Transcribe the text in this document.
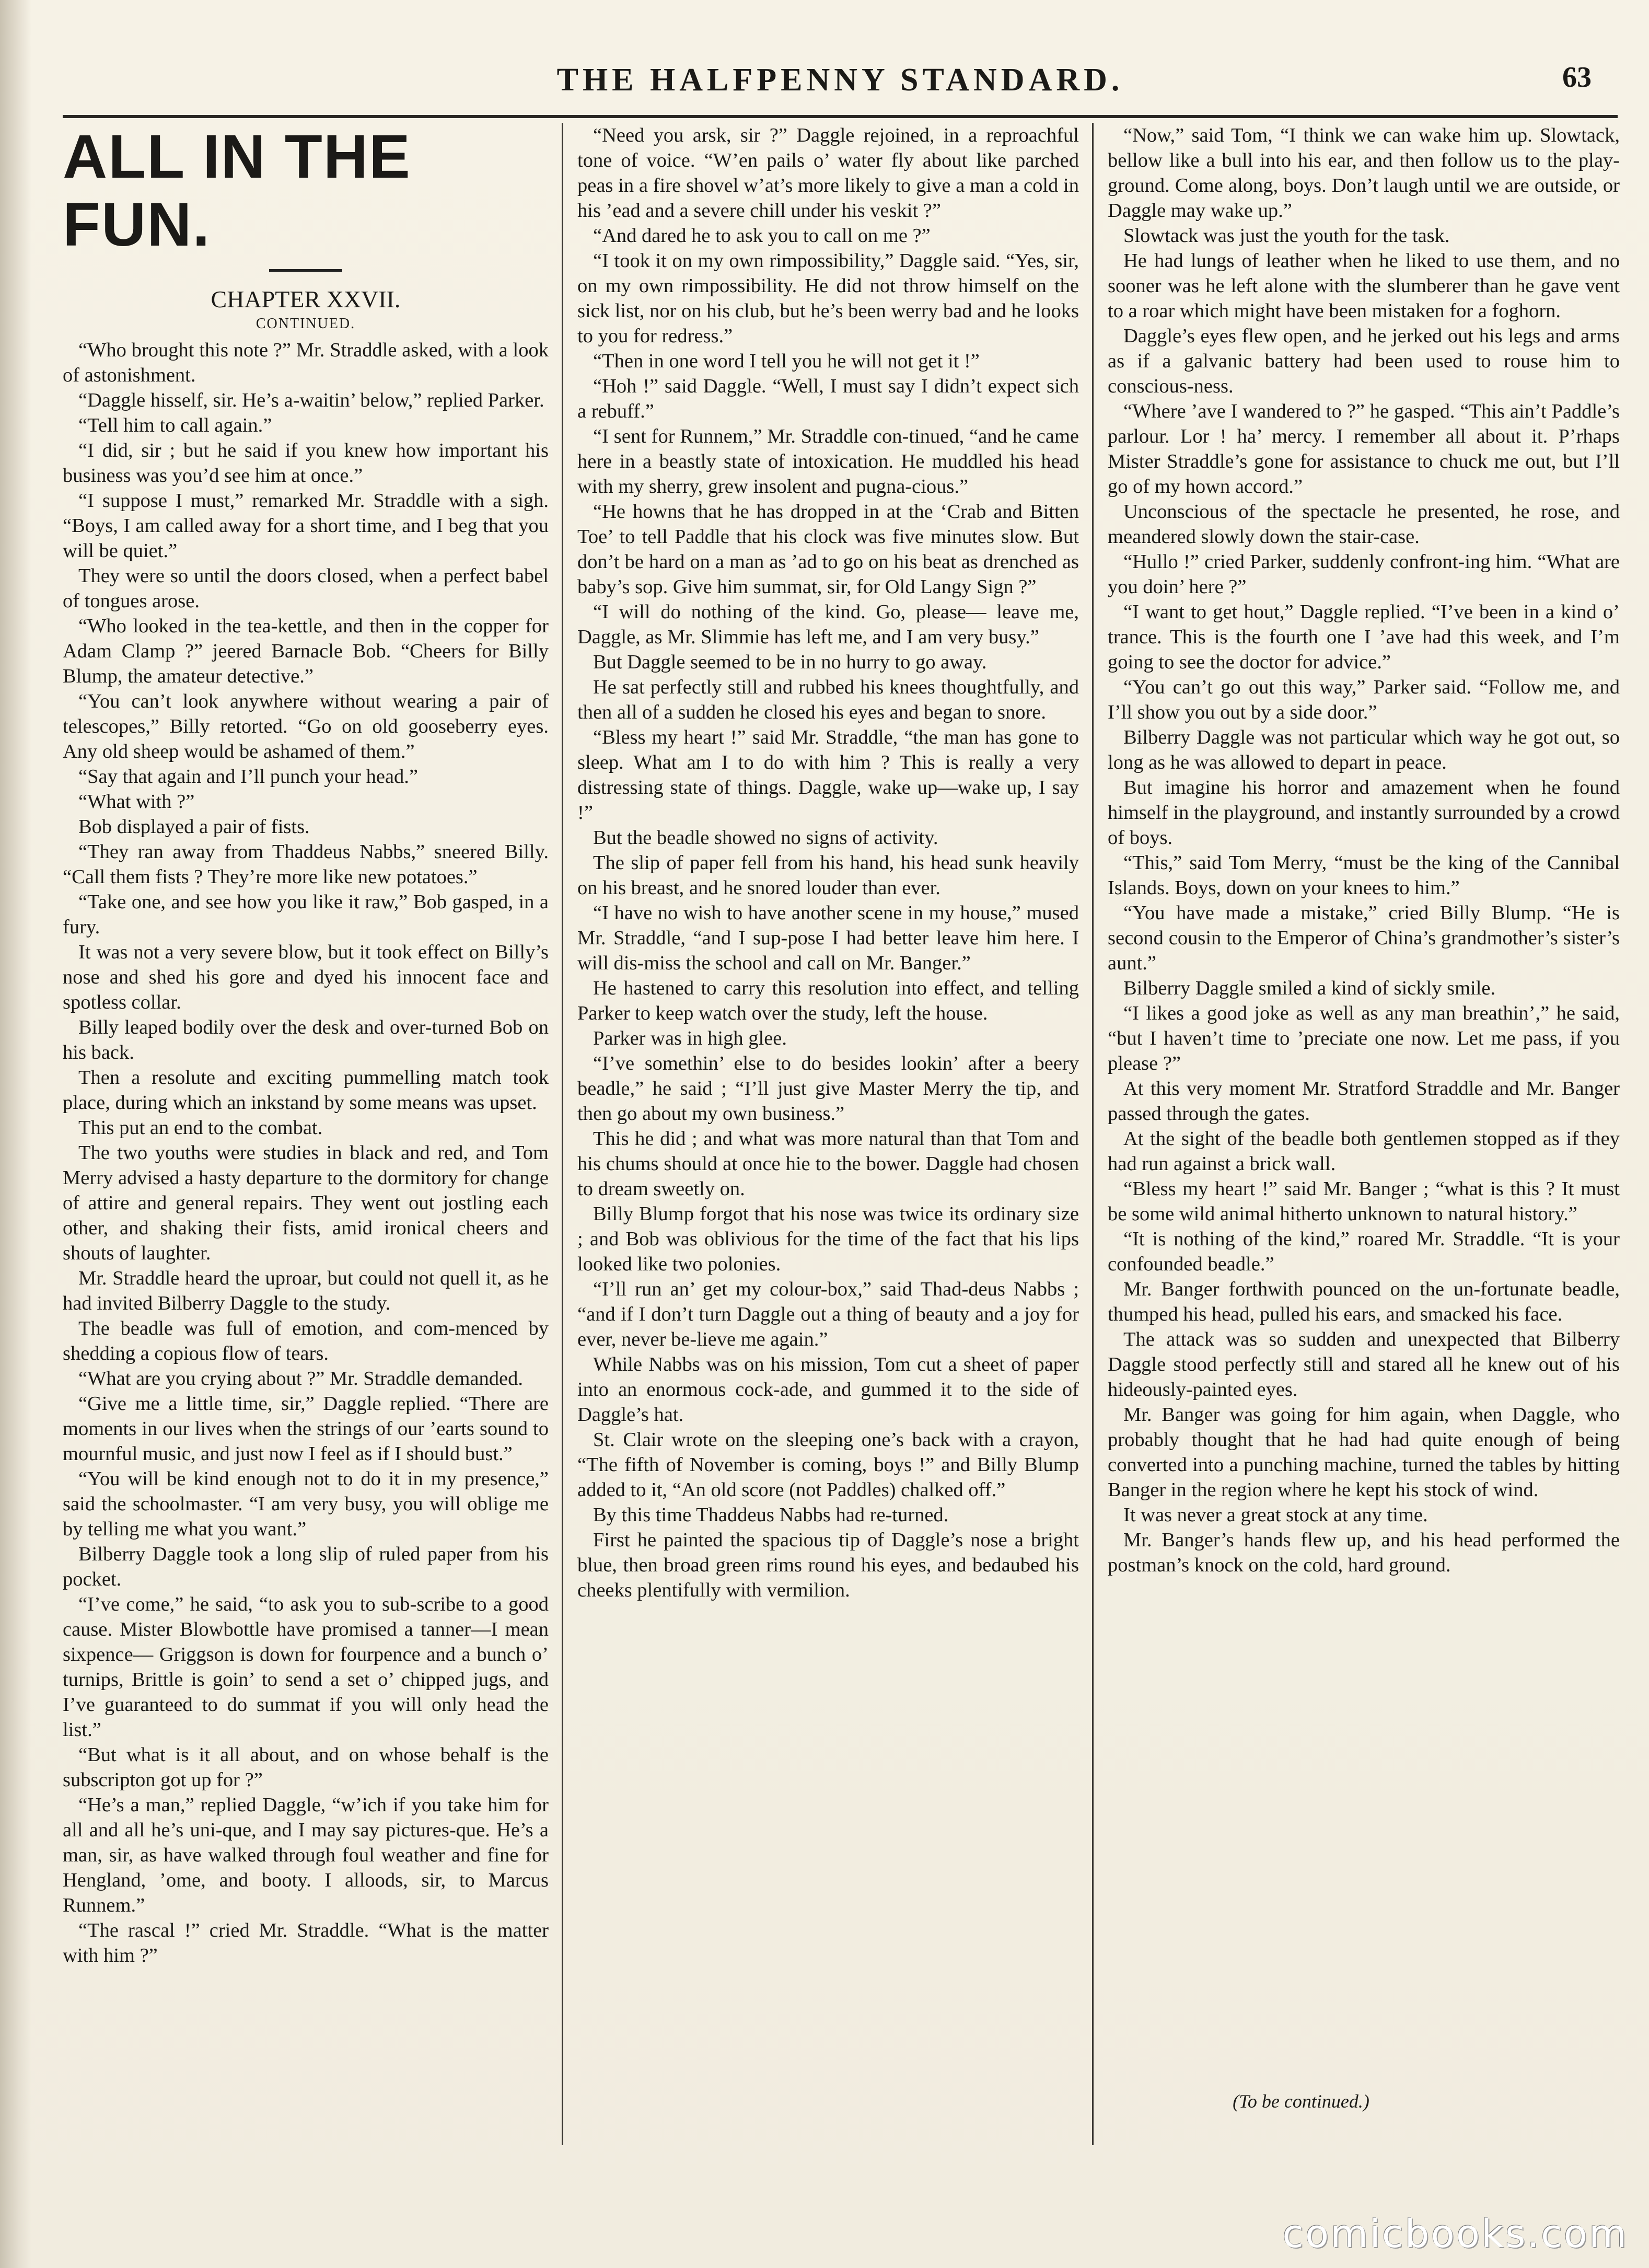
THE HALFPENNY STANDARD.	63
ALL IN THE FUN.

CHAPTER XXVII.

CONTINUED.

“Who brought this note ?” Mr. Straddle asked, with a look of astonishment.

“Daggle hisself, sir. He’s a-waitin’ below,” replied Parker.

“Tell him to call again.”

“I did, sir ; but he said if you knew how important his business was you’d see him at once.”

“I suppose I must,” remarked Mr. Straddle with a sigh. “Boys, I am called away for a short time, and I beg that you will be quiet.”

They were so until the doors closed, when a perfect babel of tongues arose.

“Who looked in the tea-kettle, and then in the copper for Adam Clamp ?” jeered Barnacle Bob. “Cheers for Billy Blump, the amateur detective.”

“You can’t look anywhere without wearing a pair of telescopes,” Billy retorted. “Go on old gooseberry eyes. Any old sheep would be ashamed of them.”

“Say that again and I’ll punch your head.”

“What with ?”

Bob displayed a pair of fists.

“They ran away from Thaddeus Nabbs,” sneered Billy. “Call them fists ? They’re more like new potatoes.”

“Take one, and see how you like it raw,” Bob gasped, in a fury.

It was not a very severe blow, but it took effect on Billy’s nose and shed his gore and dyed his innocent face and spotless collar.

Billy leaped bodily over the desk and over-turned Bob on his back.

Then a resolute and exciting pummelling match took place, during which an inkstand by some means was upset.

This put an end to the combat.

The two youths were studies in black and red, and Tom Merry advised a hasty departure to the dormitory for change of attire and general repairs. They went out jostling each other, and shaking their fists, amid ironical cheers and shouts of laughter.

Mr. Straddle heard the uproar, but could not quell it, as he had invited Bilberry Daggle to the study.

The beadle was full of emotion, and com-menced by shedding a copious flow of tears.

“What are you crying about ?” Mr. Straddle demanded.

“Give me a little time, sir,” Daggle replied. “There are moments in our lives when the strings of our ’earts sound to mournful music, and just now I feel as if I should bust.”

“You will be kind enough not to do it in my presence,” said the schoolmaster. “I am very busy, you will oblige me by telling me what you want.”

Bilberry Daggle took a long slip of ruled paper from his pocket.

“I’ve come,” he said, “to ask you to sub-scribe to a good cause. Mister Blowbottle have promised a tanner—I mean sixpence— Griggson is down for fourpence and a bunch o’ turnips, Brittle is goin’ to send a set o’ chipped jugs, and I’ve guaranteed to do summat if you will only head the list.”

“But what is it all about, and on whose behalf is the subscripton got up for ?”

“He’s a man,” replied Daggle, “w’ich if you take him for all and all he’s uni-que, and I may say pictures-que. He’s a man, sir, as have walked through foul weather and fine for Hengland, ’ome, and booty. I alloods, sir, to Marcus Runnem.”

“The rascal !” cried Mr. Straddle. “What is the matter with him ?”

“Need you arsk, sir ?” Daggle rejoined, in a reproachful tone of voice. “W’en pails o’ water fly about like parched peas in a fire shovel w’at’s more likely to give a man a cold in his ’ead and a severe chill under his veskit ?”

“And dared he to ask you to call on me ?”

“I took it on my own rimpossibility,” Daggle said. “Yes, sir, on my own rimpossibility. He did not throw himself on the sick list, nor on his club, but he’s been werry bad and he looks to you for redress.”

“Then in one word I tell you he will not get it !”

“Hoh !” said Daggle. “Well, I must say I didn’t expect sich a rebuff.”

“I sent for Runnem,” Mr. Straddle con-tinued, “and he came here in a beastly state of intoxication. He muddled his head with my sherry, grew insolent and pugna-cious.”

“He howns that he has dropped in at the ‘Crab and Bitten Toe’ to tell Paddle that his clock was five minutes slow. But don’t be hard on a man as ’ad to go on his beat as drenched as baby’s sop. Give him summat, sir, for Old Langy Sign ?”

“I will do nothing of the kind. Go, please— leave me, Daggle, as Mr. Slimmie has left me, and I am very busy.”

But Daggle seemed to be in no hurry to go away.

He sat perfectly still and rubbed his knees thoughtfully, and then all of a sudden he closed his eyes and began to snore.

“Bless my heart !” said Mr. Straddle, “the man has gone to sleep. What am I to do with him ? This is really a very distressing state of things. Daggle, wake up—wake up, I say !”

But the beadle showed no signs of activity.

The slip of paper fell from his hand, his head sunk heavily on his breast, and he snored louder than ever.

“I have no wish to have another scene in my house,” mused Mr. Straddle, “and I sup-pose I had better leave him here. I will dis-miss the school and call on Mr. Banger.”

He hastened to carry this resolution into effect, and telling Parker to keep watch over the study, left the house.

Parker was in high glee.

“I’ve somethin’ else to do besides lookin’ after a beery beadle,” he said ; “I’ll just give Master Merry the tip, and then go about my own business.”

This he did ; and what was more natural than that Tom and his chums should at once hie to the bower. Daggle had chosen to dream sweetly on.

Billy Blump forgot that his nose was twice its ordinary size ; and Bob was oblivious for the time of the fact that his lips looked like two polonies.

“I’ll run an’ get my colour-box,” said Thad-deus Nabbs ; “and if I don’t turn Daggle out a thing of beauty and a joy for ever, never be-lieve me again.”

While Nabbs was on his mission, Tom cut a sheet of paper into an enormous cock-ade, and gummed it to the side of Daggle’s hat.

St. Clair wrote on the sleeping one’s back with a crayon, “The fifth of November is coming, boys !” and Billy Blump added to it, “An old score (not Paddles) chalked off.”

By this time Thaddeus Nabbs had re-turned.

First he painted the spacious tip of Daggle’s nose a bright blue, then broad green rims round his eyes, and bedaubed his cheeks plentifully with vermilion.

“Now,” said Tom, “I think we can wake him up. Slowtack, bellow like a bull into his ear, and then follow us to the play-ground. Come along, boys. Don’t laugh until we are outside, or Daggle may wake up.”

Slowtack was just the youth for the task.

He had lungs of leather when he liked to use them, and no sooner was he left alone with the slumberer than he gave vent to a roar which might have been mistaken for a foghorn.

Daggle’s eyes flew open, and he jerked out his legs and arms as if a galvanic battery had been used to rouse him to conscious-ness.

“Where ’ave I wandered to ?” he gasped. “This ain’t Paddle’s parlour. Lor ! ha’ mercy. I remember all about it. P’rhaps Mister Straddle’s gone for assistance to chuck me out, but I’ll go of my hown accord.”

Unconscious of the spectacle he presented, he rose, and meandered slowly down the stair-case.

“Hullo !” cried Parker, suddenly confront-ing him. “What are you doin’ here ?”

“I want to get hout,” Daggle replied. “I’ve been in a kind o’ trance. This is the fourth one I ’ave had this week, and I’m going to see the doctor for advice.”

“You can’t go out this way,” Parker said. “Follow me, and I’ll show you out by a side door.”

Bilberry Daggle was not particular which way he got out, so long as he was allowed to depart in peace.

But imagine his horror and amazement when he found himself in the playground, and instantly surrounded by a crowd of boys.

“This,” said Tom Merry, “must be the king of the Cannibal Islands. Boys, down on your knees to him.”

“You have made a mistake,” cried Billy Blump. “He is second cousin to the Emperor of China’s grandmother’s sister’s aunt.”

Bilberry Daggle smiled a kind of sickly smile.

“I likes a good joke as well as any man breathin’,” he said, “but I haven’t time to ’preciate one now. Let me pass, if you please ?”

At this very moment Mr. Stratford Straddle and Mr. Banger passed through the gates.

At the sight of the beadle both gentlemen stopped as if they had run against a brick wall.

“Bless my heart !” said Mr. Banger ; “what is this ? It must be some wild animal hitherto unknown to natural history.”

“It is nothing of the kind,” roared Mr. Straddle. “It is your confounded beadle.”

Mr. Banger forthwith pounced on the un-fortunate beadle, thumped his head, pulled his ears, and smacked his face.

The attack was so sudden and unexpected that Bilberry Daggle stood perfectly still and stared all he knew out of his hideously-painted eyes.

Mr. Banger was going for him again, when Daggle, who probably thought that he had had quite enough of being converted into a punching machine, turned the tables by hitting Banger in the region where he kept his stock of wind.

It was never a great stock at any time.

Mr. Banger’s hands flew up, and his head performed the postman’s knock on the cold, hard ground.

(To be continued.)
comicbooks.com
